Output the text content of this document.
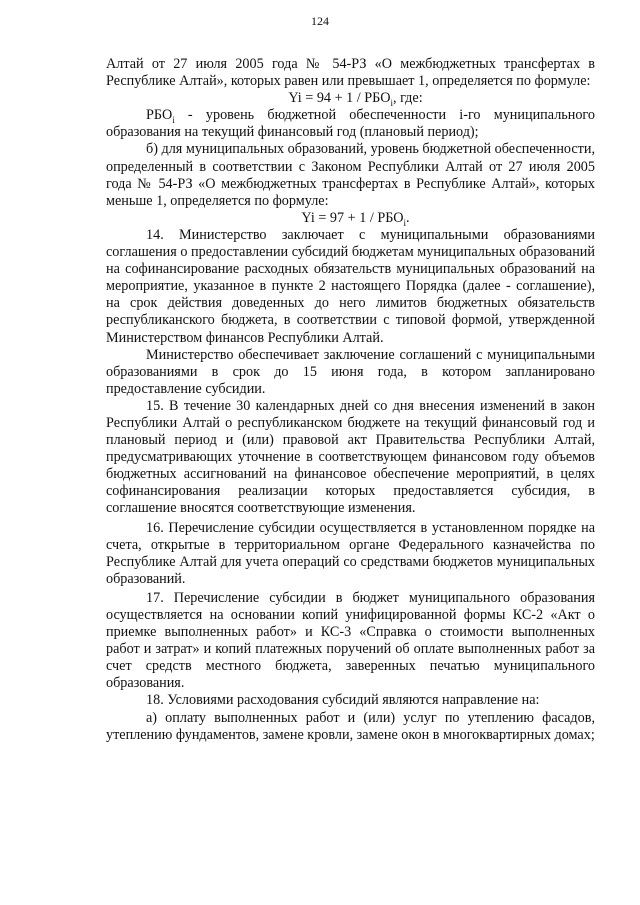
124

Алтай от 27 июля 2005 года № 54-РЗ «О межбюджетных трансфертах в Республике Алтай», которых равен или превышает 1, определяется по формуле:

$Yi = 94 + 1 / РБО_i$, где:

$РБО_i$ - уровень бюджетной обеспеченности i-го муниципального образования на текущий финансовый год (плановый период);

б) для муниципальных образований, уровень бюджетной обеспеченности, определенный в соответствии с Законом Республики Алтай от 27 июля 2005 года № 54-РЗ «О межбюджетных трансфертах в Республике Алтай», которых меньше 1, определяется по формуле:

$Yi = 97 + 1 / РБО_i$.

14. Министерство заключает с муниципальными образованиями соглашения о предоставлении субсидий бюджетам муниципальных образований на софинансирование расходных обязательств муниципальных образований на мероприятие, указанное в пункте 2 настоящего Порядка (далее - соглашение), на срок действия доведенных до него лимитов бюджетных обязательств республиканского бюджета, в соответствии с типовой формой, утвержденной Министерством финансов Республики Алтай.

Министерство обеспечивает заключение соглашений с муниципальными образованиями в срок до 15 июня года, в котором запланировано предоставление субсидии.

15. В течение 30 календарных дней со дня внесения изменений в закон Республики Алтай о республиканском бюджете на текущий финансовый год и плановый период и (или) правовой акт Правительства Республики Алтай, предусматривающих уточнение в соответствующем финансовом году объемов бюджетных ассигнований на финансовое обеспечение мероприятий, в целях софинансирования реализации которых предоставляется субсидия, в соглашение вносятся соответствующие изменения.

16. Перечисление субсидии осуществляется в установленном порядке на счета, открытые в территориальном органе Федерального казначейства по Республике Алтай для учета операций со средствами бюджетов муниципальных образований.

17. Перечисление субсидии в бюджет муниципального образования осуществляется на основании копий унифицированной формы КС-2 «Акт о приемке выполненных работ» и КС-3 «Справка о стоимости выполненных работ и затрат» и копий платежных поручений об оплате выполненных работ за счет средств местного бюджета, заверенных печатью муниципального образования.

18. Условиями расходования субсидий являются направление на:

а) оплату выполненных работ и (или) услуг по утеплению фасадов, утеплению фундаментов, замене кровли, замене окон в многоквартирных домах;
